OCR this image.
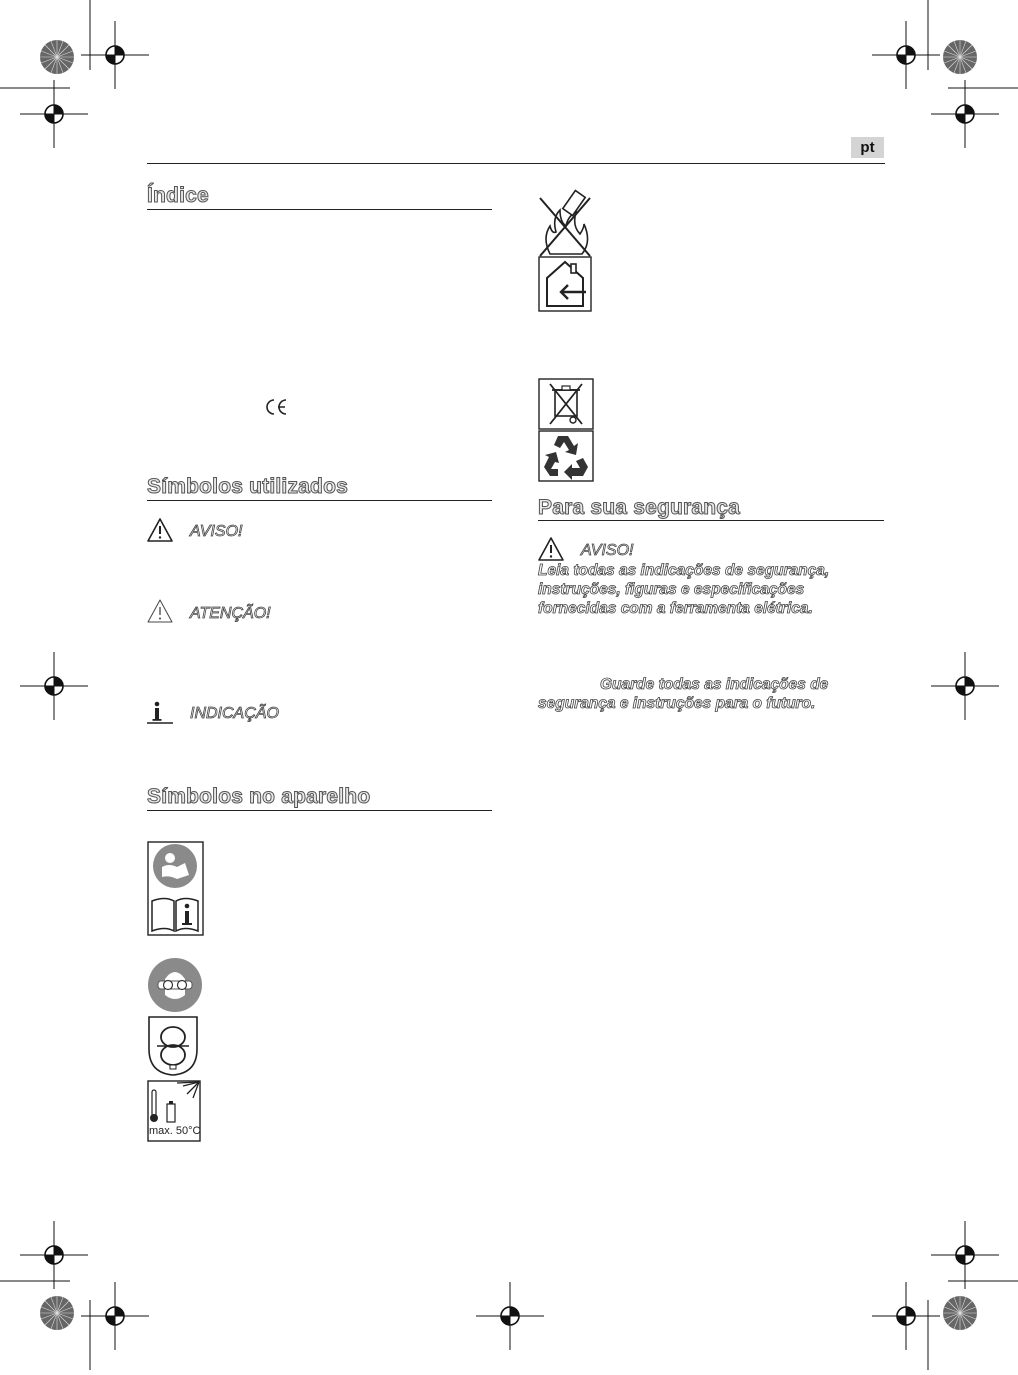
pt
Índice
Símbolos utilizados
AVISO!
ATENÇÃO!
INDICAÇÃO
Símbolos no aparelho
max. 50°C
Para sua segurança
AVISO!
Leia todas as indicações de segurança, instruções, figuras e especificações fornecidas com a ferramenta elétrica.
Guarde todas as indicações de segurança e instruções para o futuro.
